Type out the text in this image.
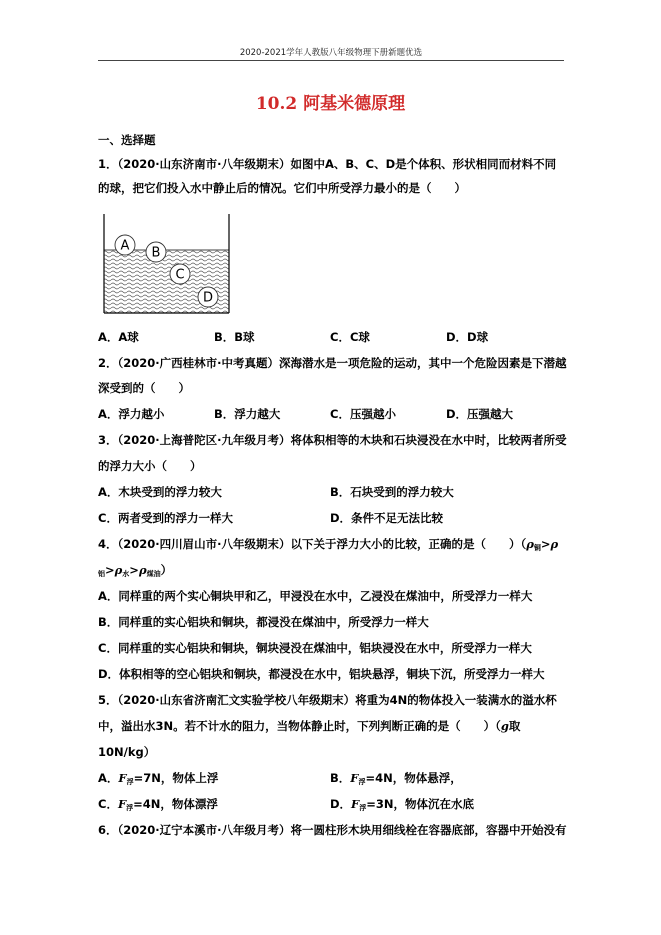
2020-2021学年人教版八年级物理下册新题优选
10.2 阿基米德原理
一、选择题
1．（2020·山东济南市·八年级期末）如图中A、B、C、D是个体积、形状相同而材料不同
的球，把它们投入水中静止后的情况。它们中所受浮力最小的是（　　）
A B
C
D
A．A球	B．B球	C．C球	D．D球
2．（2020·广西桂林市·中考真题）深海潜水是一项危险的运动，其中一个危险因素是下潜越
深受到的（　　）
A．浮力越小	B．浮力越大	C．压强越小	D．压强越大
3．（2020·上海普陀区·九年级月考）将体积相等的木块和石块浸没在水中时，比较两者所受
的浮力大小（　　）
A．木块受到的浮力较大	B．石块受到的浮力较大
C．两者受到的浮力一样大	D．条件不足无法比较
4．（2020·四川眉山市·八年级期末）以下关于浮力大小的比较，正确的是（　　）（$\rho_铜>\rho$
$_铝>\rho_水>\rho_{煤油}$）
A．同样重的两个实心铜块甲和乙，甲浸没在水中，乙浸没在煤油中，所受浮力一样大
B．同样重的实心铝块和铜块，都浸没在煤油中，所受浮力一样大
C．同样重的实心铝块和铜块，铜块浸没在煤油中，铝块浸没在水中，所受浮力一样大
D．体积相等的空心铝块和铜块，都浸没在水中，铝块悬浮，铜块下沉，所受浮力一样大
5．（2020·山东省济南汇文实验学校八年级期末）将重为4N的物体投入一装满水的溢水杯
中，溢出水3N。若不计水的阻力，当物体静止时，下列判断正确的是（　　）（g取
10N/kg）
A．$F_浮=7N$，物体上浮	B．$F_浮=4N$，物体悬浮，
C．$F_浮=4N$，物体漂浮	D．$F_浮=3N$，物体沉在水底
6．（2020·辽宁本溪市·八年级月考）将一圆柱形木块用细线栓在容器底部，容器中开始没有
